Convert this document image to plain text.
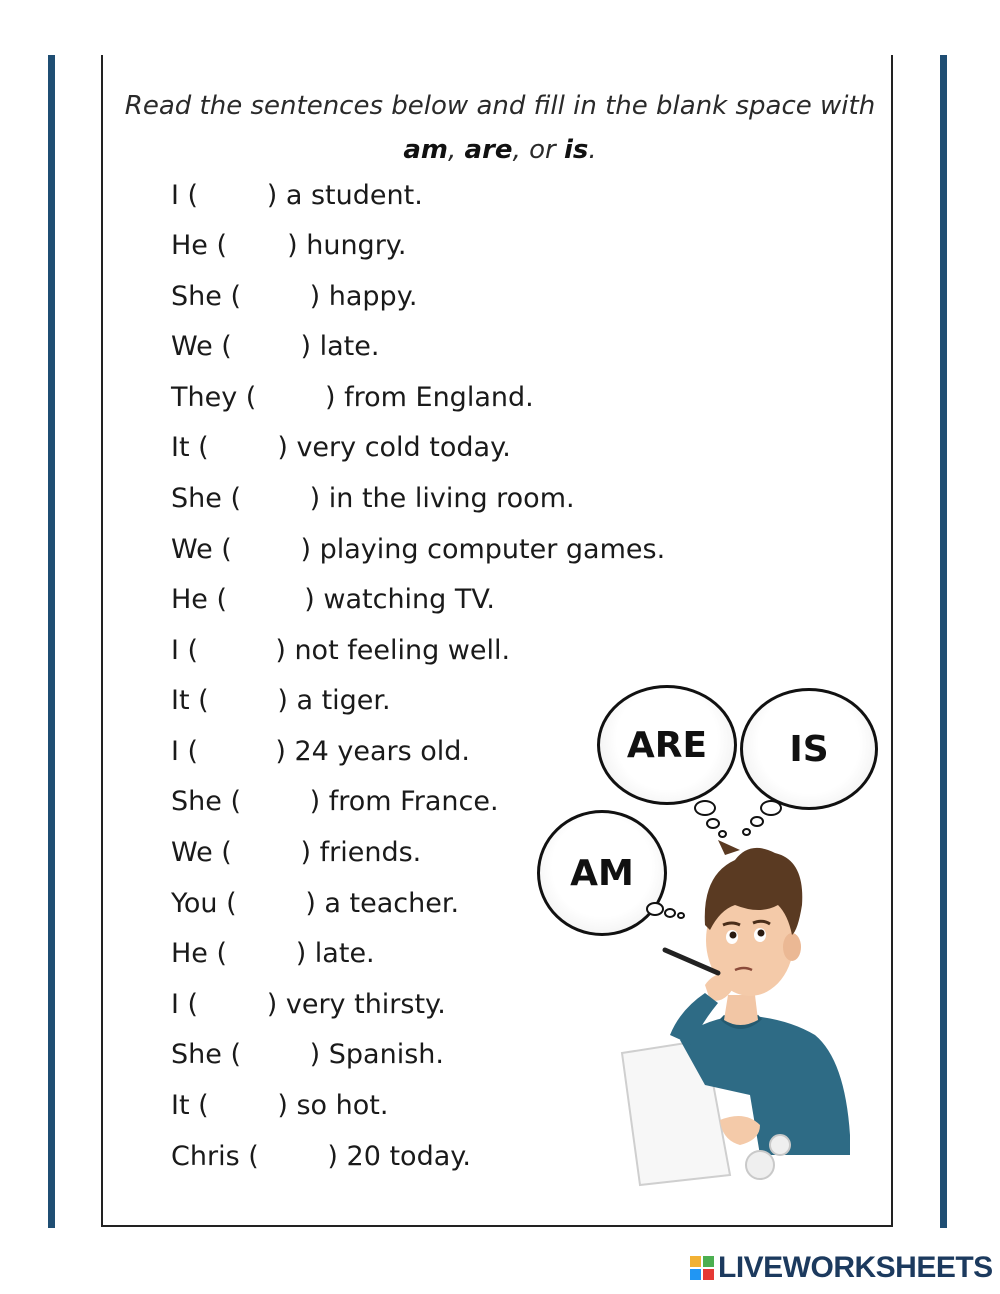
Read the sentences below and fill in the blank space with
am, are, or is.
I (        ) a student.
He (       ) hungry.
She (        ) happy.
We (        ) late.
They (        ) from England.
It (        ) very cold today.
She (        ) in the living room.
We (        ) playing computer games.
He (         ) watching TV.
I (         ) not feeling well.
It (        ) a tiger.
I (         ) 24 years old.
She (        ) from France.
We (        ) friends.
You (        ) a teacher.
He (        ) late.
I (        ) very thirsty.
She (        ) Spanish.
It (        ) so hot.
Chris (        ) 20 today.
ARE	IS
AM
LIVEWORKSHEETS
